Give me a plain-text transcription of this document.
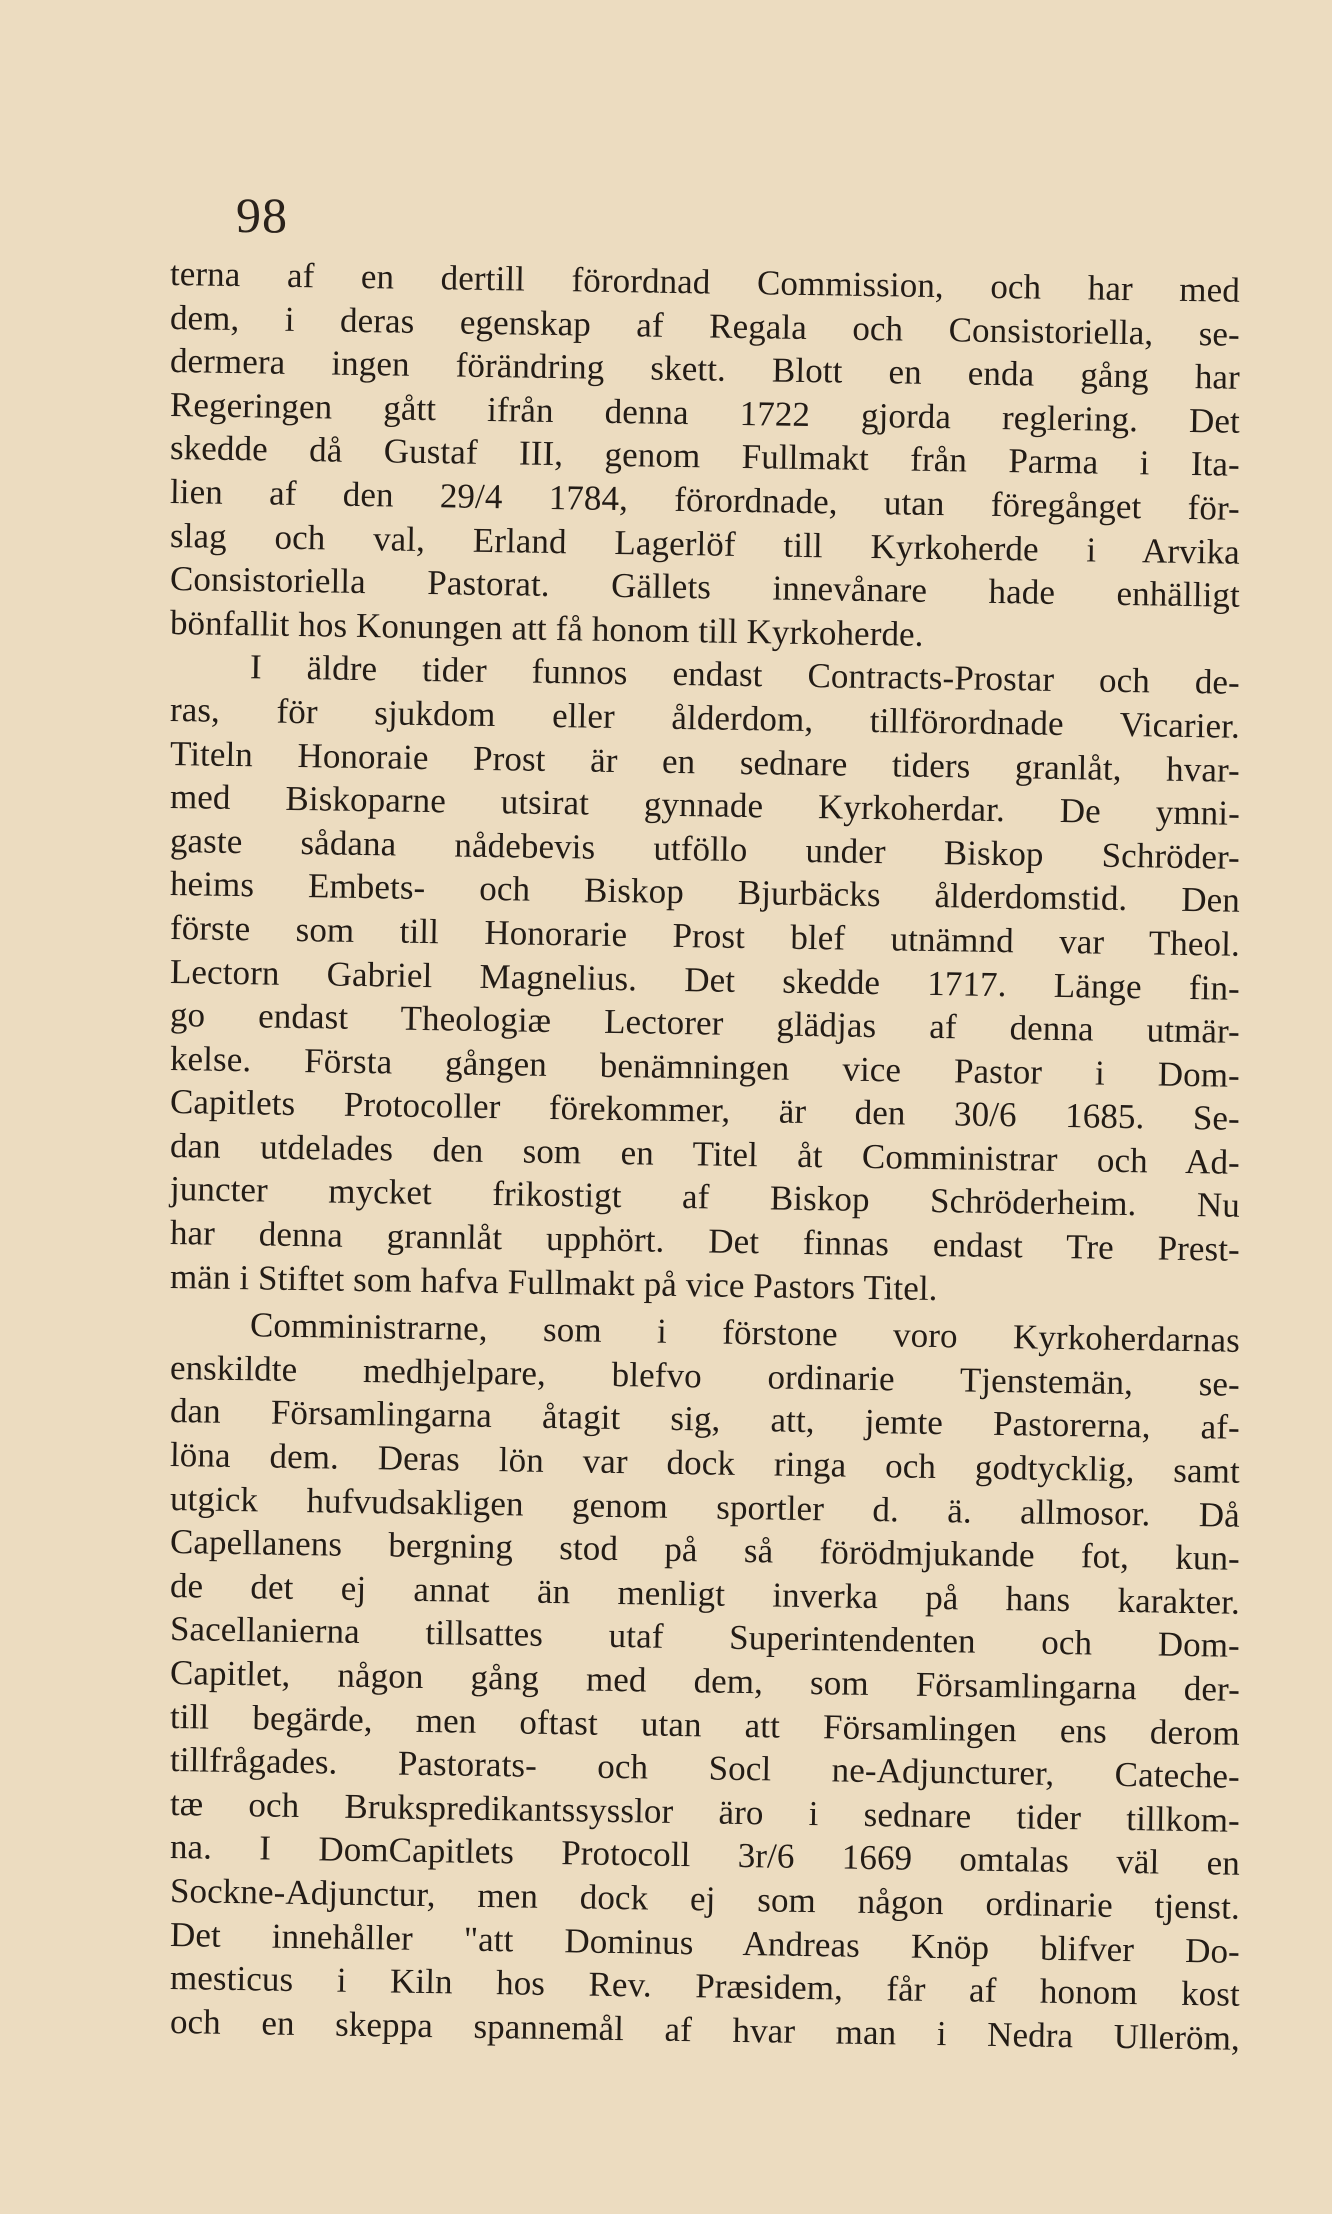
98
terna af en dertill förordnad Commission, och har med
dem, i deras egenskap af Regala och Consistoriella, se-
dermera ingen förändring skett. Blott en enda gång har
Regeringen gått ifrån denna 1722 gjorda reglering. Det
skedde då Gustaf III, genom Fullmakt från Parma i Ita-
lien af den 29/4 1784, förordnade, utan föregånget för-
slag och val, Erland Lagerlöf till Kyrkoherde i Arvika
Consistoriella Pastorat. Gällets innevånare hade enhälligt
bönfallit hos Konungen att få honom till Kyrkoherde.
I äldre tider funnos endast Contracts-Prostar och de-
ras, för sjukdom eller ålderdom, tillförordnade Vicarier.
Titeln Honoraie Prost är en sednare tiders granlåt, hvar-
med Biskoparne utsirat gynnade Kyrkoherdar. De ymni-
gaste sådana nådebevis utföllo under Biskop Schröder-
heims Embets- och Biskop Bjurbäcks ålderdomstid. Den
förste som till Honorarie Prost blef utnämnd var Theol.
Lectorn Gabriel Magnelius. Det skedde 1717. Länge fin-
go endast Theologiæ Lectorer glädjas af denna utmär-
kelse. Första gången benämningen vice Pastor i Dom-
Capitlets Protocoller förekommer, är den 30/6 1685. Se-
dan utdelades den som en Titel åt Comministrar och Ad-
juncter mycket frikostigt af Biskop Schröderheim. Nu
har denna grannlåt upphört. Det finnas endast Tre Prest-
män i Stiftet som hafva Fullmakt på vice Pastors Titel.
Comministrarne, som i förstone voro Kyrkoherdarnas
enskildte medhjelpare, blefvo ordinarie Tjenstemän, se-
dan Församlingarna åtagit sig, att, jemte Pastorerna, af-
löna dem. Deras lön var dock ringa och godtycklig, samt
utgick hufvudsakligen genom sportler d. ä. allmosor. Då
Capellanens bergning stod på så förödmjukande fot, kun-
de det ej annat än menligt inverka på hans karakter.
Sacellanierna tillsattes utaf Superintendenten och Dom-
Capitlet, någon gång med dem, som Församlingarna der-
till begärde, men oftast utan att Församlingen ens derom
tillfrågades. Pastorats- och Socl ne-Adjuncturer, Cateche-
tæ och Brukspredikantssysslor äro i sednare tider tillkom-
na. I DomCapitlets Protocoll 3r/6 1669 omtalas väl en
Sockne-Adjunctur, men dock ej som någon ordinarie tjenst.
Det innehåller "att Dominus Andreas Knöp blifver Do-
mesticus i Kiln hos Rev. Præsidem, får af honom kost
och en skeppa spannemål af hvar man i Nedra Ulleröm,
